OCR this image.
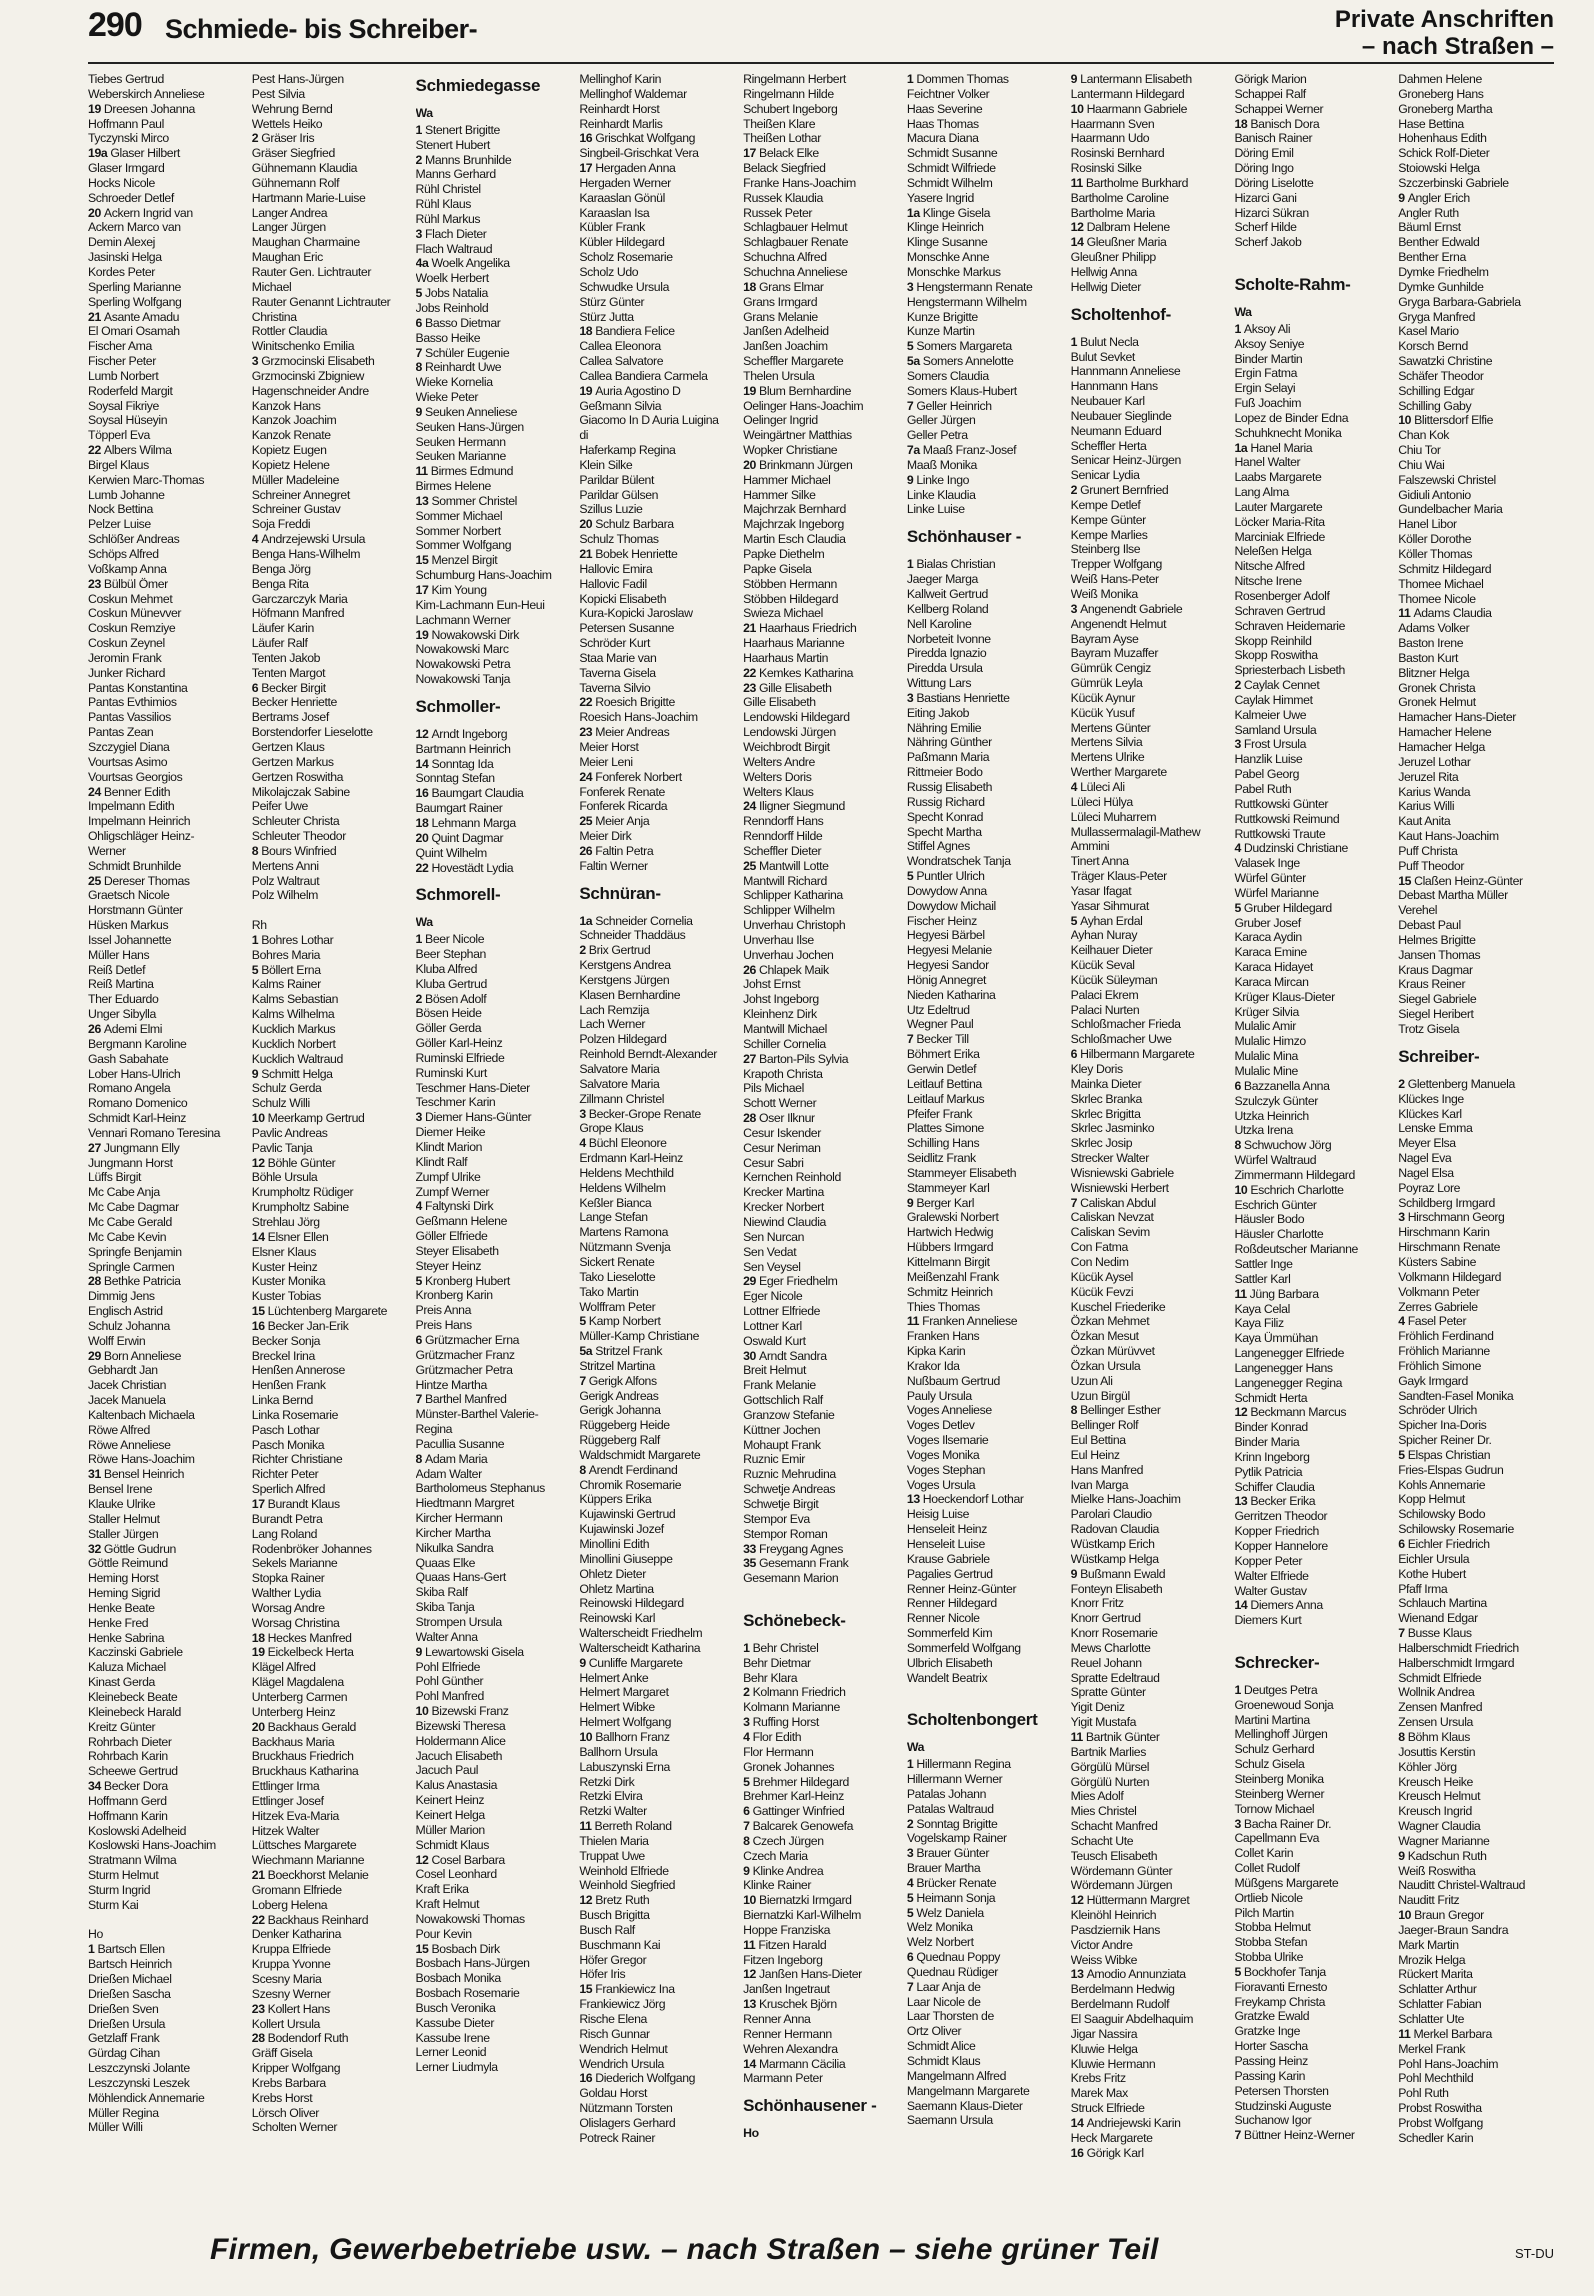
290 Schmiede- bis Schreiber-	Private Anschriften
– nach Straßen –
Tiebes Gertrud
Weberskirch Anneliese
19 Dreesen Johanna
Hoffmann Paul
Tyczynski Mirco
19a Glaser Hilbert
Glaser Irmgard
Hocks Nicole
Schroeder Detlef
20 Ackern Ingrid van
Ackern Marco van
Demin Alexej
Jasinski Helga
Kordes Peter
Sperling Marianne
Sperling Wolfgang
21 Asante Amadu
El Omari Osamah
Fischer Ama
Fischer Peter
Lumb Norbert
Roderfeld Margit
Soysal Fikriye
Soysal Hüseyin
Töpperl Eva
22 Albers Wilma
Birgel Klaus
Kerwien Marc-Thomas
Lumb Johanne
Nock Bettina
Pelzer Luise
Schlößer Andreas
Schöps Alfred
Voßkamp Anna
23 Bülbül Ömer
Coskun Mehmet
Coskun Münevver
Coskun Remziye
Coskun Zeynel
Jeromin Frank
Junker Richard
Pantas Konstantina
Pantas Evthimios
Pantas Vassilios
Pantas Zean
Szczygiel Diana
Vourtsas Asimo
Vourtsas Georgios
24 Benner Edith
Impelmann Edith
Impelmann Heinrich
Ohligschläger Heinz-
Werner
Schmidt Brunhilde
25 Dereser Thomas
Graetsch Nicole
Horstmann Günter
Hüsken Markus
Issel Johannette
Müller Hans
Reiß Detlef
Reiß Martina
Ther Eduardo
Unger Sibylla
26 Ademi Elmi
Bergmann Karoline
Gash Sabahate
Lober Hans-Ulrich
Romano Angela
Romano Domenico
Schmidt Karl-Heinz
Vennari Romano Teresina
27 Jungmann Elly
Jungmann Horst
Lüffs Birgit
Mc Cabe Anja
Mc Cabe Dagmar
Mc Cabe Gerald
Mc Cabe Kevin
Springfe Benjamin
Springle Carmen
28 Bethke Patricia
Dimmig Jens
Englisch Astrid
Schulz Johanna
Wolff Erwin
29 Born Anneliese
Gebhardt Jan
Jacek Christian
Jacek Manuela
Kaltenbach Michaela
Röwe Alfred
Röwe Anneliese
Röwe Hans-Joachim
31 Bensel Heinrich
Bensel Irene
Klauke Ulrike
Staller Helmut
Staller Jürgen
32 Göttle Gudrun
Göttle Reimund
Heming Horst
Heming Sigrid
Henke Beate
Henke Fred
Henke Sabrina
Kaczinski Gabriele
Kaluza Michael
Kinast Gerda
Kleinebeck Beate
Kleinebeck Harald
Kreitz Günter
Rohrbach Dieter
Rohrbach Karin
Scheewe Gertrud
34 Becker Dora
Hoffmann Gerd
Hoffmann Karin
Koslowski Adelheid
Koslowski Hans-Joachim
Stratmann Wilma
Sturm Helmut
Sturm Ingrid
Sturm Kai
Ho
1 Bartsch Ellen
Bartsch Heinrich
Drießen Michael
Drießen Sascha
Drießen Sven
Drießen Ursula
Getzlaff Frank
Gürdag Cihan
Leszczynski Jolante
Leszczynski Leszek
Möhlendick Annemarie
Müller Regina
Müller Willi
Pest Hans-Jürgen
Pest Silvia
Wehrung Bernd
Wettels Heiko
2 Gräser Iris
Gräser Siegfried
Gühnemann Klaudia
Gühnemann Rolf
Hartmann Marie-Luise
Langer Andrea
Langer Jürgen
Maughan Charmaine
Maughan Eric
Rauter Gen. Lichtrauter
Michael
Rauter Genannt Lichtrauter
Christina
Rottler Claudia
Winitschenko Emilia
3 Grzmocinski Elisabeth
Grzmocinski Zbigniew
Hagenschneider Andre
Kanzok Hans
Kanzok Joachim
Kanzok Renate
Kopietz Eugen
Kopietz Helene
Müller Madeleine
Schreiner Annegret
Schreiner Gustav
Soja Freddi
4 Andrzejewski Ursula
Benga Hans-Wilhelm
Benga Jörg
Benga Rita
Garczarczyk Maria
Höfmann Manfred
Läufer Karin
Läufer Ralf
Tenten Jakob
Tenten Margot
6 Becker Birgit
Becker Henriette
Bertrams Josef
Borstendorfer Lieselotte
Gertzen Klaus
Gertzen Markus
Gertzen Roswitha
Mikolajczak Sabine
Peifer Uwe
Schleuter Christa
Schleuter Theodor
8 Bours Winfried
Mertens Anni
Polz Waltraut
Polz Wilhelm
Rh
1 Bohres Lothar
Bohres Maria
5 Böllert Erna
Kalms Rainer
Kalms Sebastian
Kalms Wilhelma
Kucklich Markus
Kucklich Norbert
Kucklich Waltraud
9 Schmitt Helga
Schulz Gerda
Schulz Willi
10 Meerkamp Gertrud
Pavlic Andreas
Pavlic Tanja
12 Böhle Günter
Böhle Ursula
Krumpholtz Rüdiger
Krumpholtz Sabine
Strehlau Jörg
14 Elsner Ellen
Elsner Klaus
Kuster Heinz
Kuster Monika
Kuster Tobias
15 Lüchtenberg Margarete
16 Becker Jan-Erik
Becker Sonja
Breckel Irina
Henßen Annerose
Henßen Frank
Linka Bernd
Linka Rosemarie
Pasch Lothar
Pasch Monika
Richter Christiane
Richter Peter
Sperlich Alfred
17 Burandt Klaus
Burandt Petra
Lang Roland
Rodenbröker Johannes
Sekels Marianne
Stopka Rainer
Walther Lydia
Worsag Andre
Worsag Christina
18 Heckes Manfred
19 Eickelbeck Herta
Klägel Alfred
Klägel Magdalena
Unterberg Carmen
Unterberg Heinz
20 Backhaus Gerald
Backhaus Maria
Bruckhaus Friedrich
Bruckhaus Katharina
Ettlinger Irma
Ettlinger Josef
Hitzek Eva-Maria
Hitzek Walter
Lüttsches Margarete
Wiechmann Marianne
21 Boeckhorst Melanie
Gromann Elfriede
Loberg Helena
22 Backhaus Reinhard
Denker Katharina
Kruppa Elfriede
Kruppa Yvonne
Scesny Maria
Szesny Werner
23 Kollert Hans
Kollert Ursula
28 Bodendorf Ruth
Gräff Gisela
Kripper Wolfgang
Krebs Barbara
Krebs Horst
Lörsch Oliver
Scholten Werner
Schmiedegasse
Wa
1 Stenert Brigitte
Stenert Hubert
2 Manns Brunhilde
Manns Gerhard
Rühl Christel
Rühl Klaus
Rühl Markus
3 Flach Dieter
Flach Waltraud
4a Woelk Angelika
Woelk Herbert
5 Jobs Natalia
Jobs Reinhold
6 Basso Dietmar
Basso Heike
7 Schüler Eugenie
8 Reinhardt Uwe
Wieke Kornelia
Wieke Peter
9 Seuken Anneliese
Seuken Hans-Jürgen
Seuken Hermann
Seuken Marianne
11 Birmes Edmund
Birmes Helene
13 Sommer Christel
Sommer Michael
Sommer Norbert
Sommer Wolfgang
15 Menzel Birgit
Schumburg Hans-Joachim
17 Kim Young
Kim-Lachmann Eun-Heui
Lachmann Werner
19 Nowakowski Dirk
Nowakowski Marc
Nowakowski Petra
Nowakowski Tanja
Schmoller-
12 Arndt Ingeborg
Bartmann Heinrich
14 Sonntag Ida
Sonntag Stefan
16 Baumgart Claudia
Baumgart Rainer
18 Lehmann Marga
20 Quint Dagmar
Quint Wilhelm
22 Hovestädt Lydia
Schmorell-
Wa
1 Beer Nicole
Beer Stephan
Kluba Alfred
Kluba Gertrud
2 Bösen Adolf
Bösen Heide
Göller Gerda
Göller Karl-Heinz
Ruminski Elfriede
Ruminski Kurt
Teschmer Hans-Dieter
Teschmer Karin
3 Diemer Hans-Günter
Diemer Heike
Klindt Marion
Klindt Ralf
Zumpf Ulrike
Zumpf Werner
4 Faltynski Dirk
Geßmann Helene
Göller Elfriede
Steyer Elisabeth
Steyer Heinz
5 Kronberg Hubert
Kronberg Karin
Preis Anna
Preis Hans
6 Grützmacher Erna
Grützmacher Franz
Grützmacher Petra
Hintze Martha
7 Barthel Manfred
Münster-Barthel Valerie-
Regina
Pacullia Susanne
8 Adam Maria
Adam Walter
Bartholomeus Stephanus
Hiedtmann Margret
Kircher Hermann
Kircher Martha
Nikulka Sandra
Quaas Elke
Quaas Hans-Gert
Skiba Ralf
Skiba Tanja
Strompen Ursula
Walter Anna
9 Lewartowski Gisela
Pohl Elfriede
Pohl Günther
Pohl Manfred
10 Bizewski Franz
Bizewski Theresa
Holdermann Alice
Jacuch Elisabeth
Jacuch Paul
Kalus Anastasia
Keinert Heinz
Keinert Helga
Müller Marion
Schmidt Klaus
12 Cosel Barbara
Cosel Leonhard
Kraft Erika
Kraft Helmut
Nowakowski Thomas
Pour Kevin
15 Bosbach Dirk
Bosbach Hans-Jürgen
Bosbach Monika
Bosbach Rosemarie
Busch Veronika
Kassube Dieter
Kassube Irene
Lerner Leonid
Lerner Liudmyla
Mellinghof Karin
Mellinghof Waldemar
Reinhardt Horst
Reinhardt Marlis
16 Grischkat Wolfgang
Singbeil-Grischkat Vera
17 Hergaden Anna
Hergaden Werner
Karaaslan Gönül
Karaaslan Isa
Kübler Frank
Kübler Hildegard
Scholz Rosemarie
Scholz Udo
Schwudke Ursula
Stürz Günter
Stürz Jutta
18 Bandiera Felice
Callea Eleonora
Callea Salvatore
Callea Bandiera Carmela
19 Auria Agostino D
Geßmann Silvia
Giacomo In D Auria Luigina
di
Haferkamp Regina
Klein Silke
Parildar Bülent
Parildar Gülsen
Szillus Luzie
20 Schulz Barbara
Schulz Thomas
21 Bobek Henriette
Hallovic Emira
Hallovic Fadil
Kopicki Elisabeth
Kura-Kopicki Jaroslaw
Petersen Susanne
Schröder Kurt
Staa Marie van
Taverna Gisela
Taverna Silvio
22 Roesich Brigitte
Roesich Hans-Joachim
23 Meier Andreas
Meier Horst
Meier Leni
24 Fonferek Norbert
Fonferek Renate
Fonferek Ricarda
25 Meier Anja
Meier Dirk
26 Faltin Petra
Faltin Werner
Schnüran-
1a Schneider Cornelia
Schneider Thaddäus
2 Brix Gertrud
Kerstgens Andrea
Kerstgens Jürgen
Klasen Bernhardine
Lach Remzija
Lach Werner
Polzen Hildegard
Reinhold Berndt-Alexander
Salvatore Maria
Salvatore Maria
Zillmann Christel
3 Becker-Grope Renate
Grope Klaus
4 Büchl Eleonore
Erdmann Karl-Heinz
Heldens Mechthild
Heldens Wilhelm
Keßler Bianca
Lange Stefan
Martens Ramona
Nützmann Svenja
Sickert Renate
Tako Lieselotte
Tako Martin
Wolffram Peter
5 Kamp Norbert
Müller-Kamp Christiane
5a Stritzel Frank
Stritzel Martina
7 Gerigk Alfons
Gerigk Andreas
Gerigk Johanna
Rüggeberg Heide
Rüggeberg Ralf
Waldschmidt Margarete
8 Arendt Ferdinand
Chromik Rosemarie
Küppers Erika
Kujawinski Gertrud
Kujawinski Jozef
Minollini Edith
Minollini Giuseppe
Ohletz Dieter
Ohletz Martina
Reinowski Hildegard
Reinowski Karl
Walterscheidt Friedhelm
Walterscheidt Katharina
9 Cunliffe Margarete
Helmert Anke
Helmert Margaret
Helmert Wibke
Helmert Wolfgang
10 Ballhorn Franz
Ballhorn Ursula
Labuszynski Erna
Retzki Dirk
Retzki Elvira
Retzki Walter
11 Berreth Roland
Thielen Maria
Truppat Uwe
Weinhold Elfriede
Weinhold Siegfried
12 Bretz Ruth
Busch Brigitta
Busch Ralf
Buschmann Kai
Höfer Gregor
Höfer Iris
15 Frankiewicz Ina
Frankiewicz Jörg
Rische Elena
Risch Gunnar
Wendrich Helmut
Wendrich Ursula
16 Diederich Wolfgang
Goldau Horst
Nützmann Torsten
Olislagers Gerhard
Potreck Rainer
Ringelmann Herbert
Ringelmann Hilde
Schubert Ingeborg
Theißen Klare
Theißen Lothar
17 Belack Elke
Belack Siegfried
Franke Hans-Joachim
Russek Klaudia
Russek Peter
Schlagbauer Helmut
Schlagbauer Renate
Schuchna Alfred
Schuchna Anneliese
18 Grans Elmar
Grans Irmgard
Grans Melanie
Janßen Adelheid
Janßen Joachim
Scheffler Margarete
Thelen Ursula
19 Blum Bernhardine
Oelinger Hans-Joachim
Oelinger Ingrid
Weingärtner Matthias
Wopker Christiane
20 Brinkmann Jürgen
Hammer Michael
Hammer Silke
Majchrzak Bernhard
Majchrzak Ingeborg
Martin Esch Claudia
Papke Diethelm
Papke Gisela
Stöbben Hermann
Stöbben Hildegard
Swieza Michael
21 Haarhaus Friedrich
Haarhaus Marianne
Haarhaus Martin
22 Kemkes Katharina
23 Gille Elisabeth
Gille Elisabeth
Lendowski Hildegard
Lendowski Jürgen
Weichbrodt Birgit
Welters Andre
Welters Doris
Welters Klaus
24 Iligner Siegmund
Renndorff Hans
Renndorff Hilde
Scheffler Dieter
25 Mantwill Lotte
Mantwill Richard
Schlipper Katharina
Schlipper Wilhelm
Unverhau Christoph
Unverhau Ilse
Unverhau Jochen
26 Chlapek Maik
Johst Ernst
Johst Ingeborg
Kleinhenz Dirk
Mantwill Michael
Schiller Cornelia
27 Barton-Pils Sylvia
Krapoth Christa
Pils Michael
Schott Werner
28 Oser Ilknur
Cesur Iskender
Cesur Neriman
Cesur Sabri
Kernchen Reinhold
Krecker Martina
Krecker Norbert
Niewind Claudia
Sen Nurcan
Sen Vedat
Sen Veysel
29 Eger Friedhelm
Eger Nicole
Lottner Elfriede
Lottner Karl
Oswald Kurt
30 Arndt Sandra
Breit Helmut
Frank Melanie
Gottschlich Ralf
Granzow Stefanie
Küttner Jochen
Mohaupt Frank
Ruznic Emir
Ruznic Mehrudina
Schwetje Andreas
Schwetje Birgit
Stempor Eva
Stempor Roman
33 Freygang Agnes
35 Gesemann Frank
Gesemann Marion
Schönebeck-
1 Behr Christel
Behr Dietmar
Behr Klara
2 Kolmann Friedrich
Kolmann Marianne
3 Ruffing Horst
4 Flor Edith
Flor Hermann
Gronek Johannes
5 Brehmer Hildegard
Brehmer Karl-Heinz
6 Gattinger Winfried
7 Balcarek Genowefa
8 Czech Jürgen
Czech Maria
9 Klinke Andrea
Klinke Rainer
10 Biernatzki Irmgard
Biernatzki Karl-Wilhelm
Hoppe Franziska
11 Fitzen Harald
Fitzen Ingeborg
12 Janßen Hans-Dieter
Janßen Ingetraut
13 Kruschek Björn
Renner Anna
Renner Hermann
Wehren Alexandra
14 Marmann Cäcilia
Marmann Peter
Schönhausener -
Ho
1 Dommen Thomas
Feichtner Volker
Haas Severine
Haas Thomas
Macura Diana
Schmidt Susanne
Schmidt Wilfriede
Schmidt Wilhelm
Yasere Ingrid
1a Klinge Gisela
Klinge Heinrich
Klinge Susanne
Monschke Anne
Monschke Markus
3 Hengstermann Renate
Hengstermann Wilhelm
Kunze Brigitte
Kunze Martin
5 Somers Margareta
5a Somers Annelotte
Somers Claudia
Somers Klaus-Hubert
7 Geller Heinrich
Geller Jürgen
Geller Petra
7a Maaß Franz-Josef
Maaß Monika
9 Linke Ingo
Linke Klaudia
Linke Luise
Schönhauser -
1 Bialas Christian
Jaeger Marga
Kallweit Gertrud
Kellberg Roland
Nell Karoline
Norbeteit Ivonne
Piredda Ignazio
Piredda Ursula
Wittung Lars
3 Bastians Henriette
Eiting Jakob
Nähring Emilie
Nähring Günther
Paßmann Maria
Rittmeier Bodo
Russig Elisabeth
Russig Richard
Specht Konrad
Specht Martha
Stiffel Agnes
Wondratschek Tanja
5 Puntler Ulrich
Dowydow Anna
Dowydow Michail
Fischer Heinz
Hegyesi Bärbel
Hegyesi Melanie
Hegyesi Sandor
Hönig Annegret
Nieden Katharina
Utz Edeltrud
Wegner Paul
7 Becker Till
Böhmert Erika
Gerwin Detlef
Leitlauf Bettina
Leitlauf Markus
Pfeifer Frank
Plattes Simone
Schilling Hans
Seidlitz Frank
Stammeyer Elisabeth
Stammeyer Karl
9 Berger Karl
Gralewski Norbert
Hartwich Hedwig
Hübbers Irmgard
Kittelmann Birgit
Meißenzahl Frank
Schmitz Heinrich
Thies Thomas
11 Franken Anneliese
Franken Hans
Kipka Karin
Krakor Ida
Nußbaum Gertrud
Pauly Ursula
Voges Anneliese
Voges Detlev
Voges Ilsemarie
Voges Monika
Voges Stephan
Voges Ursula
13 Hoeckendorf Lothar
Heisig Luise
Henseleit Heinz
Henseleit Luise
Krause Gabriele
Pagalies Gertrud
Renner Heinz-Günter
Renner Hildegard
Renner Nicole
Sommerfeld Kim
Sommerfeld Wolfgang
Ulbrich Elisabeth
Wandelt Beatrix
Scholtenbongert
Wa
1 Hillermann Regina
Hillermann Werner
Patalas Johann
Patalas Waltraud
2 Sonntag Brigitte
Vogelskamp Rainer
3 Brauer Günter
Brauer Martha
4 Brücker Renate
5 Heimann Sonja
5 Welz Daniela
Welz Monika
Welz Norbert
6 Quednau Poppy
Quednau Rüdiger
7 Laar Anja de
Laar Nicole de
Laar Thorsten de
Ortz Oliver
Schmidt Alice
Schmidt Klaus
Mangelmann Alfred
Mangelmann Margarete
Saemann Klaus-Dieter
Saemann Ursula
9 Lantermann Elisabeth
Lantermann Hildegard
10 Haarmann Gabriele
Haarmann Sven
Haarmann Udo
Rosinski Bernhard
Rosinski Silke
11 Bartholme Burkhard
Bartholme Caroline
Bartholme Maria
12 Dalbram Helene
14 Gleußner Maria
Gleußner Philipp
Hellwig Anna
Hellwig Dieter
Scholtenhof-
1 Bulut Necla
Bulut Sevket
Hannmann Anneliese
Hannmann Hans
Neubauer Karl
Neubauer Sieglinde
Neumann Eduard
Scheffler Herta
Senicar Heinz-Jürgen
Senicar Lydia
2 Grunert Bernfried
Kempe Detlef
Kempe Günter
Kempe Marlies
Steinberg Ilse
Trepper Wolfgang
Weiß Hans-Peter
Weiß Monika
3 Angenendt Gabriele
Angenendt Helmut
Bayram Ayse
Bayram Muzaffer
Gümrük Cengiz
Gümrük Leyla
Kücük Aynur
Kücük Yusuf
Mertens Günter
Mertens Silvia
Mertens Ulrike
Werther Margarete
4 Lüleci Ali
Lüleci Hülya
Lüleci Muharrem
Mullassermalagil-Mathew
Ammini
Tinert Anna
Träger Klaus-Peter
Yasar Ifagat
Yasar Sihmurat
5 Ayhan Erdal
Ayhan Nuray
Keilhauer Dieter
Kücük Seval
Kücük Süleyman
Palaci Ekrem
Palaci Nurten
Schloßmacher Frieda
Schloßmacher Uwe
6 Hilbermann Margarete
Kley Doris
Mainka Dieter
Skrlec Branka
Skrlec Brigitta
Skrlec Jasminko
Skrlec Josip
Strecker Walter
Wisniewski Gabriele
Wisniewski Herbert
7 Caliskan Abdul
Caliskan Nevzat
Caliskan Sevim
Con Fatma
Con Nedim
Kücük Aysel
Kücük Fevzi
Kuschel Friederike
Özkan Mehmet
Özkan Mesut
Özkan Mürüvvet
Özkan Ursula
Uzun Ali
Uzun Birgül
8 Bellinger Esther
Bellinger Rolf
Eul Bettina
Eul Heinz
Hans Manfred
Ivan Marga
Mielke Hans-Joachim
Parolari Claudio
Radovan Claudia
Wüstkamp Erich
Wüstkamp Helga
9 Bußmann Ewald
Fonteyn Elisabeth
Knorr Fritz
Knorr Gertrud
Knorr Rosemarie
Mews Charlotte
Reuel Johann
Spratte Edeltraud
Spratte Günter
Yigit Deniz
Yigit Mustafa
11 Bartnik Günter
Bartnik Marlies
Görgülü Mürsel
Görgülü Nurten
Mies Adolf
Mies Christel
Schacht Manfred
Schacht Ute
Teusch Elisabeth
Wördemann Günter
Wördemann Jürgen
12 Hüttermann Margret
Kleinöhl Heinrich
Pasdziernik Hans
Victor Andre
Weiss Wibke
13 Amodio Annunziata
Berdelmann Hedwig
Berdelmann Rudolf
El Saaguir Abdelhaquim
Jigar Nassira
Kluwie Helga
Kluwie Hermann
Krebs Fritz
Marek Max
Struck Elfriede
14 Andriejewski Karin
Heck Margarete
16 Görigk Karl
Görigk Marion
Schappei Ralf
Schappei Werner
18 Banisch Dora
Banisch Rainer
Döring Emil
Döring Ingo
Döring Liselotte
Hizarci Gani
Hizarci Sükran
Scherf Hilde
Scherf Jakob
Scholte-Rahm-
Wa
1 Aksoy Ali
Aksoy Seniye
Binder Martin
Ergin Fatma
Ergin Selayi
Fuß Joachim
Lopez de Binder Edna
Schuhknecht Monika
1a Hanel Maria
Hanel Walter
Laabs Margarete
Lang Alma
Lauter Margarete
Löcker Maria-Rita
Marciniak Elfriede
Neleßen Helga
Nitsche Alfred
Nitsche Irene
Rosenberger Adolf
Schraven Gertrud
Schraven Heidemarie
Skopp Reinhild
Skopp Roswitha
Spriesterbach Lisbeth
2 Caylak Cennet
Caylak Himmet
Kalmeier Uwe
Samland Ursula
3 Frost Ursula
Hanzlik Luise
Pabel Georg
Pabel Ruth
Ruttkowski Günter
Ruttkowski Reimund
Ruttkowski Traute
4 Dudzinski Christiane
Valasek Inge
Würfel Günter
Würfel Marianne
5 Gruber Hildegard
Gruber Josef
Karaca Aydin
Karaca Emine
Karaca Hidayet
Karaca Mircan
Krüger Klaus-Dieter
Krüger Silvia
Mulalic Amir
Mulalic Himzo
Mulalic Mina
Mulalic Mine
6 Bazzanella Anna
Szulczyk Günter
Utzka Heinrich
Utzka Irena
8 Schwuchow Jörg
Würfel Waltraud
Zimmermann Hildegard
10 Eschrich Charlotte
Eschrich Günter
Häusler Bodo
Häusler Charlotte
Roßdeutscher Marianne
Sattler Inge
Sattler Karl
11 Jüng Barbara
Kaya Celal
Kaya Filiz
Kaya Ümmühan
Langenegger Elfriede
Langenegger Hans
Langenegger Regina
Schmidt Herta
12 Beckmann Marcus
Binder Konrad
Binder Maria
Krinn Ingeborg
Pytlik Patricia
Schiffer Claudia
13 Becker Erika
Gerritzen Theodor
Kopper Friedrich
Kopper Hannelore
Kopper Peter
Walter Elfriede
Walter Gustav
14 Diemers Anna
Diemers Kurt
Schrecker-
1 Deutges Petra
Groenewoud Sonja
Martini Martina
Mellinghoff Jürgen
Schulz Gerhard
Schulz Gisela
Steinberg Monika
Steinberg Werner
Tornow Michael
3 Bacha Rainer Dr.
Capellmann Eva
Collet Karin
Collet Rudolf
Müßgens Margarete
Ortlieb Nicole
Pilch Martin
Stobba Helmut
Stobba Stefan
Stobba Ulrike
5 Bockhofer Tanja
Fioravanti Ernesto
Freykamp Christa
Gratzke Ewald
Gratzke Inge
Horter Sascha
Passing Heinz
Passing Karin
Petersen Thorsten
Studzinski Auguste
Suchanow Igor
7 Büttner Heinz-Werner
Dahmen Helene
Groneberg Hans
Groneberg Martha
Hase Bettina
Hohenhaus Edith
Schick Rolf-Dieter
Stoiowski Helga
Szczerbinski Gabriele
9 Angler Erich
Angler Ruth
Bäuml Ernst
Benther Edwald
Benther Erna
Dymke Friedhelm
Dymke Gunhilde
Gryga Barbara-Gabriela
Gryga Manfred
Kasel Mario
Korsch Bernd
Sawatzki Christine
Schäfer Theodor
Schilling Edgar
Schilling Gaby
10 Blittersdorf Elfie
Chan Kok
Chiu Tor
Chiu Wai
Falszewski Christel
Gidiuli Antonio
Gundelbacher Maria
Hanel Libor
Köller Dorothe
Köller Thomas
Schmitz Hildegard
Thomee Michael
Thomee Nicole
11 Adams Claudia
Adams Volker
Baston Irene
Baston Kurt
Blitzner Helga
Gronek Christa
Gronek Helmut
Hamacher Hans-Dieter
Hamacher Helene
Hamacher Helga
Jeruzel Lothar
Jeruzel Rita
Karius Wanda
Karius Willi
Kaut Anita
Kaut Hans-Joachim
Puff Christa
Puff Theodor
15 Claßen Heinz-Günter
Debast Martha Müller
Verehel
Debast Paul
Helmes Brigitte
Jansen Thomas
Kraus Dagmar
Kraus Reiner
Siegel Gabriele
Siegel Heribert
Trotz Gisela
Schreiber-
2 Glettenberg Manuela
Klückes Inge
Klückes Karl
Lenske Emma
Meyer Elsa
Nagel Eva
Nagel Elsa
Poyraz Lore
Schildberg Irmgard
3 Hirschmann Georg
Hirschmann Karin
Hirschmann Renate
Küsters Sabine
Volkmann Hildegard
Volkmann Peter
Zerres Gabriele
4 Fasel Peter
Fröhlich Ferdinand
Fröhlich Marianne
Fröhlich Simone
Gayk Irmgard
Sandten-Fasel Monika
Schröder Ulrich
Spicher Ina-Doris
Spicher Reiner Dr.
5 Elspas Christian
Fries-Elspas Gudrun
Kohls Annemarie
Kopp Helmut
Schilowsky Bodo
Schilowsky Rosemarie
6 Eichler Friedrich
Eichler Ursula
Kothe Hubert
Pfaff Irma
Schlauch Martina
Wienand Edgar
7 Busse Klaus
Halberschmidt Friedrich
Halberschmidt Irmgard
Schmidt Elfriede
Wollnik Andrea
Zensen Manfred
Zensen Ursula
8 Böhm Klaus
Josuttis Kerstin
Köhler Jörg
Kreusch Heike
Kreusch Helmut
Kreusch Ingrid
Wagner Claudia
Wagner Marianne
9 Kadschun Ruth
Weiß Roswitha
Nauditt Christel-Waltraud
Nauditt Fritz
10 Braun Gregor
Jaeger-Braun Sandra
Mark Martin
Mrozik Helga
Rückert Marita
Schlatter Arthur
Schlatter Fabian
Schlatter Ute
11 Merkel Barbara
Merkel Frank
Pohl Hans-Joachim
Pohl Mechthild
Pohl Ruth
Probst Roswitha
Probst Wolfgang
Schedler Karin
Firmen, Gewerbebetriebe usw. – nach Straßen – siehe grüner Teil	ST-DU
